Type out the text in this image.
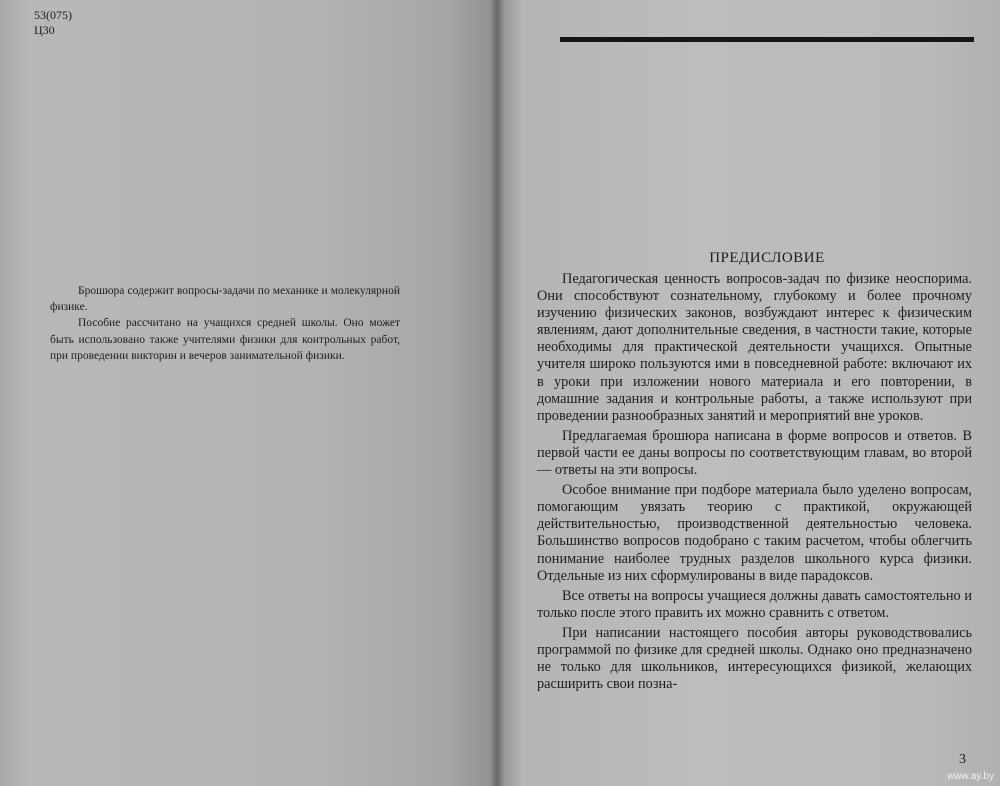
53(075)
Ц30

Брошюра содержит вопросы-задачи по механике и молекулярной физике.

Пособие рассчитано на учащихся средней школы. Оно может быть использовано также учителями физики для контрольных работ, при проведении викторин и вечеров занимательной физики.

ПРЕДИСЛОВИЕ

Педагогическая ценность вопросов-задач по физике неоспорима. Они способствуют сознательному, глубокому и более прочному изучению физических законов, возбуждают интерес к физическим явлениям, дают дополнительные сведения, в частности такие, которые необходимы для практической деятельности учащихся. Опытные учителя широко пользуются ими в повседневной работе: включают их в уроки при изложении нового материала и его повторении, в домашние задания и контрольные работы, а также используют при проведении разнообразных занятий и мероприятий вне уроков.

Предлагаемая брошюра написана в форме вопросов и ответов. В первой части ее даны вопросы по соответствующим главам, во второй — ответы на эти вопросы.

Особое внимание при подборе материала было уделено вопросам, помогающим увязать теорию с практикой, окружающей действительностью, производственной деятельностью человека. Большинство вопросов подобрано с таким расчетом, чтобы облегчить понимание наиболее трудных разделов школьного курса физики. Отдельные из них сформулированы в виде парадоксов.

Все ответы на вопросы учащиеся должны давать самостоятельно и только после этого править их можно сравнить с ответом.

При написании настоящего пособия авторы руководствовались программой по физике для средней школы. Однако оно предназначено не только для школьников, интересующихся физикой, желающих расширить свои позна-

3
www.ay.by
